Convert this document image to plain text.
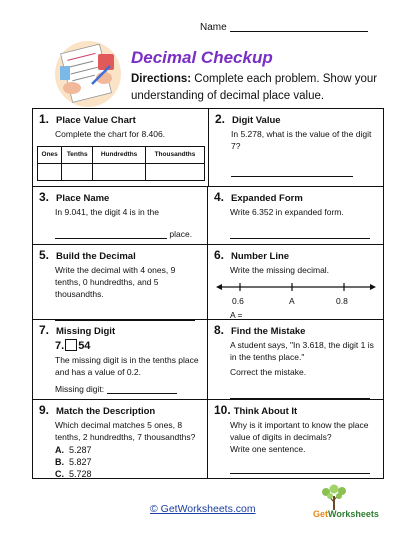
Name
Decimal Checkup
Directions: Complete each problem. Show your understanding of decimal place value.
1. Place Value Chart
Complete the chart for 8.406.
Ones	Tenths	Hundredths	Thousandths

2. Digit Value
In 5.278, what is the value of the digit 7?
3. Place Name
In 9.041, the digit 4 is in the
place.
4. Expanded Form
Write 6.352 in expanded form.
5. Build the Decimal
Write the decimal with 4 ones, 9 tenths, 0 hundredths, and 5 thousandths.
6. Number Line
Write the missing decimal.
0.6	A	0.8
A =
7. Missing Digit
7. 54
The missing digit is in the tenths place and has a value of 0.2.
Missing digit:
8. Find the Mistake
A student says, "In 3.618, the digit 1 is in the tenths place."
Correct the mistake.
9. Match the Description
Which decimal matches 5 ones, 8 tenths, 2 hundredths, 7 thousandths?
A. 5.287
B. 5.827
C. 5.728
10. Think About It
Why is it important to know the place value of digits in decimals?
Write one sentence.
© GetWorksheets.com	GetWorksheets
